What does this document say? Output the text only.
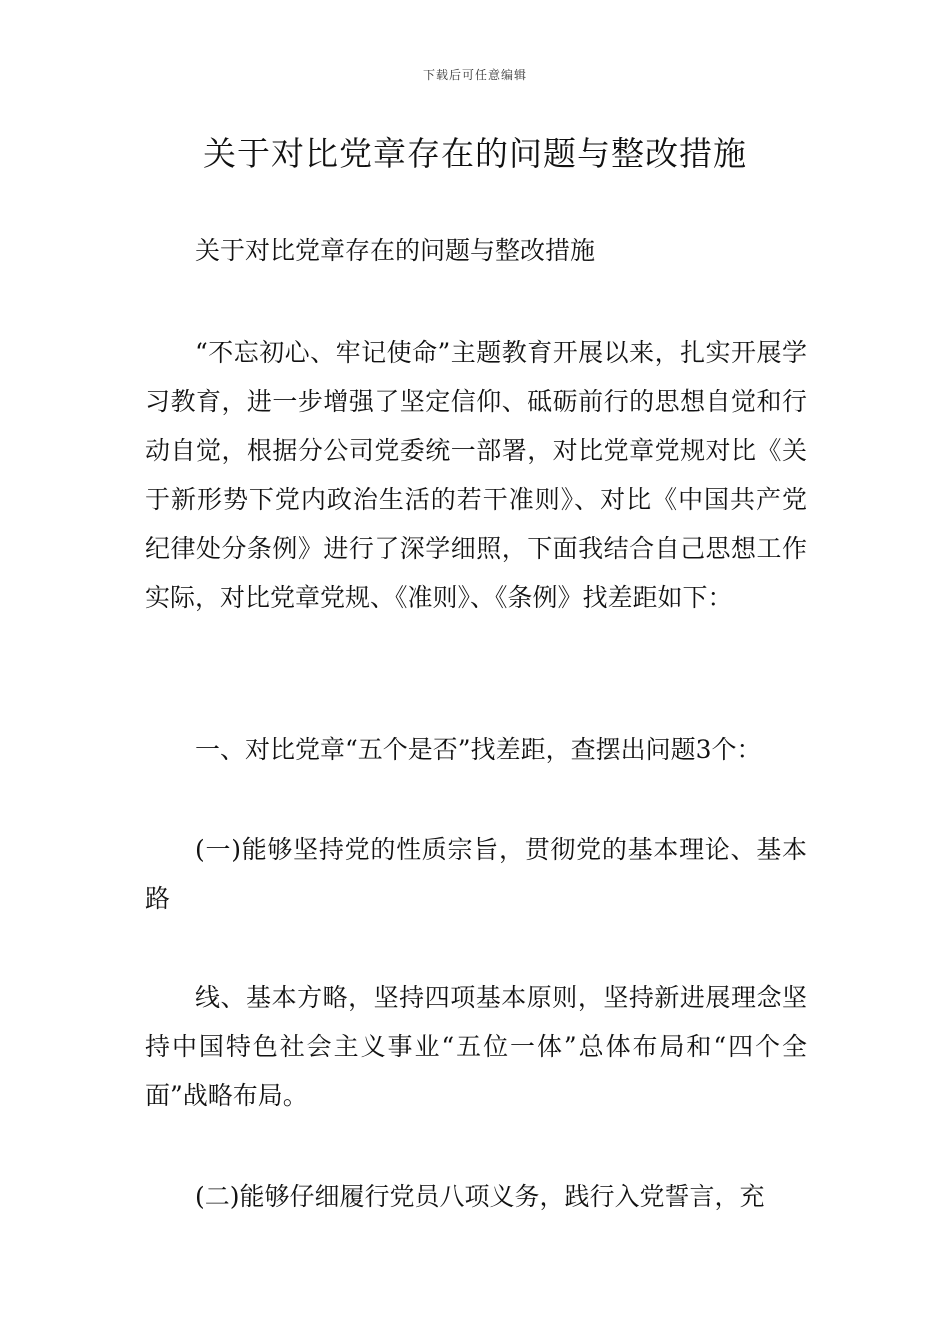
下载后可任意编辑
关于对比党章存在的问题与整改措施

关于对比党章存在的问题与整改措施

“不忘初心、牢记使命”主题教育开展以来，扎实开展学习教育，进一步增强了坚定信仰、砥砺前行的思想自觉和行动自觉，根据分公司党委统一部署，对比党章党规对比《关于新形势下党内政治生活的若干准则》、对比《中国共产党纪律处分条例》进行了深学细照，下面我结合自己思想工作实际，对比党章党规、《准则》、《条例》找差距如下：

一、对比党章“五个是否”找差距，查摆出问题3个：

(一)能够坚持党的性质宗旨，贯彻党的基本理论、基本路

线、基本方略，坚持四项基本原则，坚持新进展理念坚持中国特色社会主义事业“五位一体”总体布局和“四个全面”战略布局。

(二)能够仔细履行党员八项义务，践行入党誓言，充
